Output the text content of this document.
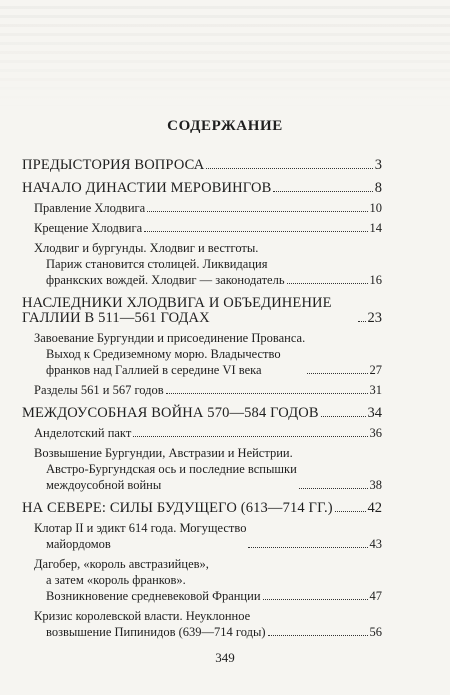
СОДЕРЖАНИЕ
ПРЕДЫСТОРИЯ ВОПРОСА	3
НАЧАЛО ДИНАСТИИ МЕРОВИНГОВ	8
Правление Хлодвига	10
Крещение Хлодвига	14
Хлодвиг и бургунды. Хлодвиг и вестготы.
Париж становится столицей. Ликвидация
франкских вождей. Хлодвиг — законодатель	16
НАСЛЕДНИКИ ХЛОДВИГА И ОБЪЕДИНЕНИЕ ГАЛЛИИ В 511—561 ГОДАХ	23
Завоевание Бургундии и присоединение Прованса.
Выход к Средиземному морю. Владычество
франков над Галлией в середине VI века	27
Разделы 561 и 567 годов	31
МЕЖДОУСОБНАЯ ВОЙНА 570—584 ГОДОВ	34
Анделотский пакт	36
Возвышение Бургундии, Австразии и Нейстрии.
Австро-Бургундская ось и последние вспышки
междоусобной войны	38
НА СЕВЕРЕ: СИЛЫ БУДУЩЕГО (613—714 ГГ.) 42
Клотар II и эдикт 614 года. Могущество
майордомов	43
Дагобер, «король австразийцев»,
а затем «король франков».
Возникновение средневековой Франции	47
Кризис королевской власти. Неуклонное
возвышение Пипинидов (639—714 годы)	56
349
